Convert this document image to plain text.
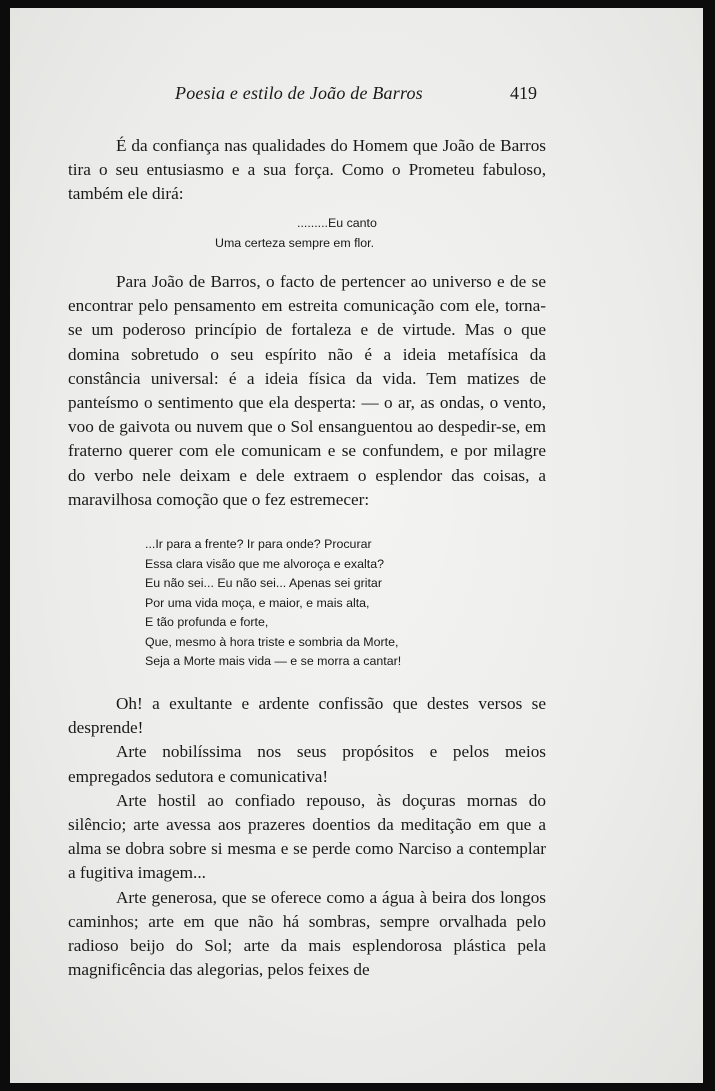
Poesia e estilo de João de Barros	419

É da confiança nas qualidades do Homem que João de Barros tira o seu entusiasmo e a sua força. Como o Prometeu fabuloso, também ele dirá:

.........Eu canto
Uma certeza sempre em flor.

Para João de Barros, o facto de pertencer ao universo e de se encontrar pelo pensamento em estreita comunicação com ele, torna-se um poderoso princípio de fortaleza e de virtude. Mas o que domina sobretudo o seu espírito não é a ideia metafísica da constância universal: é a ideia física da vida. Tem matizes de panteísmo o sentimento que ela desperta: — o ar, as ondas, o vento, voo de gaivota ou nuvem que o Sol ensanguentou ao despedir-se, em fraterno querer com ele comunicam e se confundem, e por milagre do verbo nele deixam e dele extraem o esplendor das coisas, a maravilhosa comoção que o fez estremecer:

...Ir para a frente? Ir para onde? Procurar
Essa clara visão que me alvoroça e exalta?
Eu não sei... Eu não sei... Apenas sei gritar
Por uma vida moça, e maior, e mais alta,
E tão profunda e forte,
Que, mesmo à hora triste e sombria da Morte,
Seja a Morte mais vida — e se morra a cantar!

Oh! a exultante e ardente confissão que destes versos se desprende!

Arte nobilíssima nos seus propósitos e pelos meios empregados sedutora e comunicativa!

Arte hostil ao confiado repouso, às doçuras mornas do silêncio; arte avessa aos prazeres doentios da meditação em que a alma se dobra sobre si mesma e se perde como Narciso a contemplar a fugitiva imagem...

Arte generosa, que se oferece como a água à beira dos longos caminhos; arte em que não há sombras, sempre orvalhada pelo radioso beijo do Sol; arte da mais esplendorosa plástica pela magnificência das alegorias, pelos feixes de
